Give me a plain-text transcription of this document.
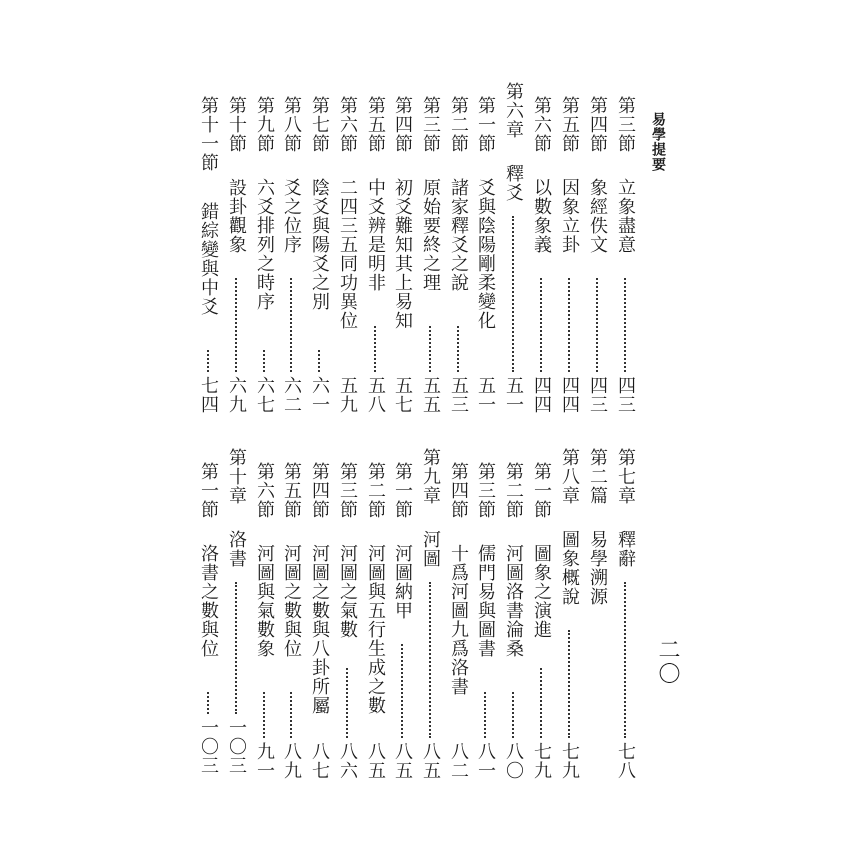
易學提要
二〇
第三節
立象盡意
四三
第四節
象經佚文
四三
第五節
因象立卦
四四
第六節
以數象義
四四
第六章
釋爻
五一
第一節
爻與陰陽剛柔變化
五一
第二節
諸家釋爻之說
五三
第三節
原始要終之理
五五
第四節
初爻難知其上易知
五七
第五節
中爻辨是明非
五八
第六節
二四三五同功異位
五九
第七節
陰爻與陽爻之別
六一
第八節
爻之位序
六二
第九節
六爻排列之時序
六七
第十節
設卦觀象
六九
第十一節
錯綜變與中爻
七四
第七章
釋辭
七八
第二篇
易學溯源
第八章
圖象概說
七九
第一節
圖象之演進
七九
第二節
河圖洛書淪桑
八〇
第三節
儒門易與圖書
八一
第四節
十爲河圖九爲洛書
八二
第九章
河圖
八五
第一節
河圖納甲
八五
第二節
河圖與五行生成之數
八五
第三節
河圖之氣數
八六
第四節
河圖之數與八卦所屬
八七
第五節
河圖之數與位
八九
第六節
河圖與氣數象
九一
第十章
洛書
一〇三
第一節
洛書之數與位
一〇三
